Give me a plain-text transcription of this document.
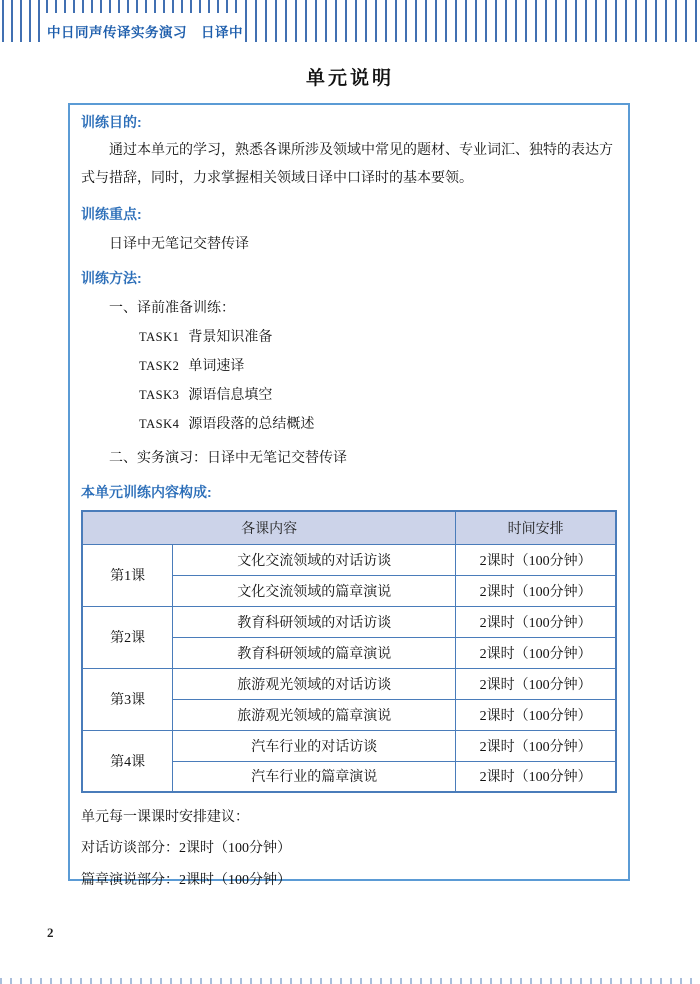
中日同声传译实务演习　日译中
单元说明

训练目的:

通过本单元的学习，熟悉各课所涉及领域中常见的题材、专业词汇、独特的表达方式与措辞，同时，力求掌握相关领域日译中口译时的基本要领。

训练重点:

日译中无笔记交替传译

训练方法:

一、译前准备训练：

TASK1 背景知识准备

TASK2 单词速译

TASK3 源语信息填空

TASK4 源语段落的总结概述

二、实务演习：日译中无笔记交替传译

本单元训练内容构成:

各课内容		时间安排
第1课	文化交流领域的对话访谈	2课时（100分钟）
	文化交流领域的篇章演说	2课时（100分钟）
第2课	教育科研领域的对话访谈	2课时（100分钟）
	教育科研领域的篇章演说	2课时（100分钟）
第3课	旅游观光领域的对话访谈	2课时（100分钟）
	旅游观光领域的篇章演说	2课时（100分钟）
第4课	汽车行业的对话访谈	2课时（100分钟）
	汽车行业的篇章演说	2课时（100分钟）

单元每一课课时安排建议：

对话访谈部分：2课时（100分钟）

篇章演说部分：2课时（100分钟）

2
